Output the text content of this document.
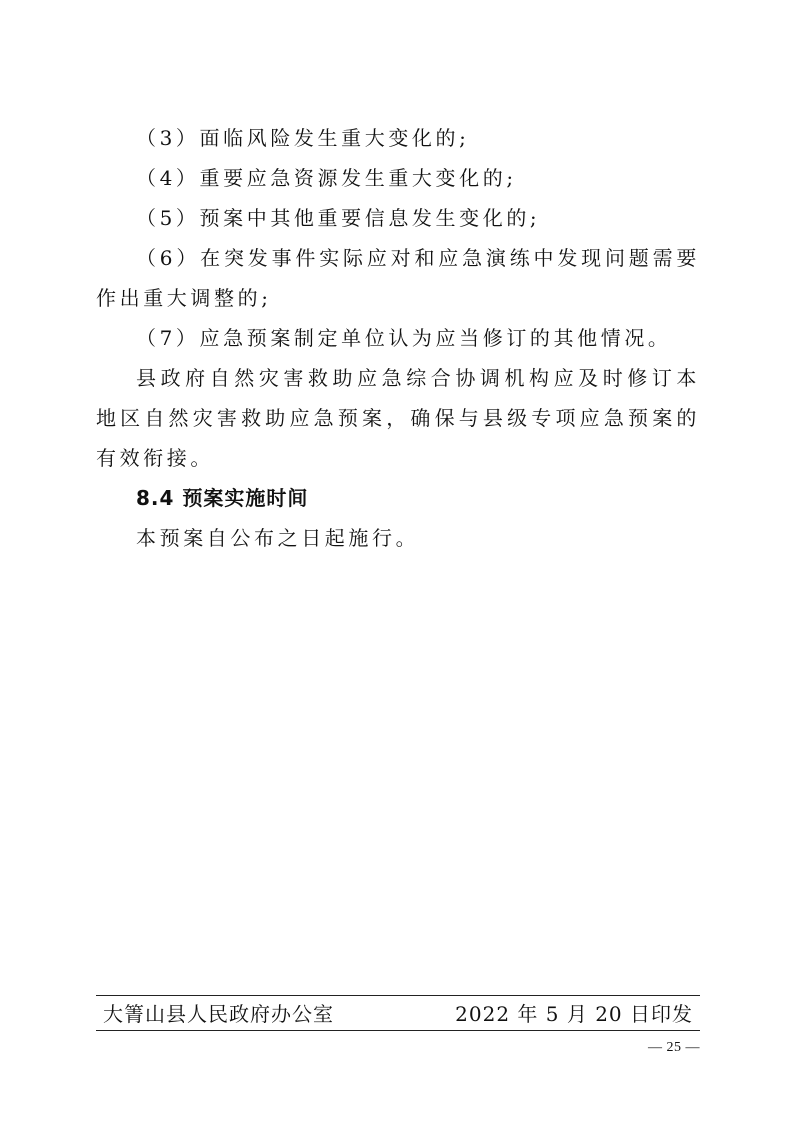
（3）面临风险发生重大变化的;

（4）重要应急资源发生重大变化的;

（5）预案中其他重要信息发生变化的;

（6）在突发事件实际应对和应急演练中发现问题需要作出重大调整的;

（7）应急预案制定单位认为应当修订的其他情况。

县政府自然灾害救助应急综合协调机构应及时修订本地区自然灾害救助应急预案，确保与县级专项应急预案的有效衔接。

8.4 预案实施时间

本预案自公布之日起施行。

大箐山县人民政府办公室	2022 年 5 月 20 日印发
— 25 —
